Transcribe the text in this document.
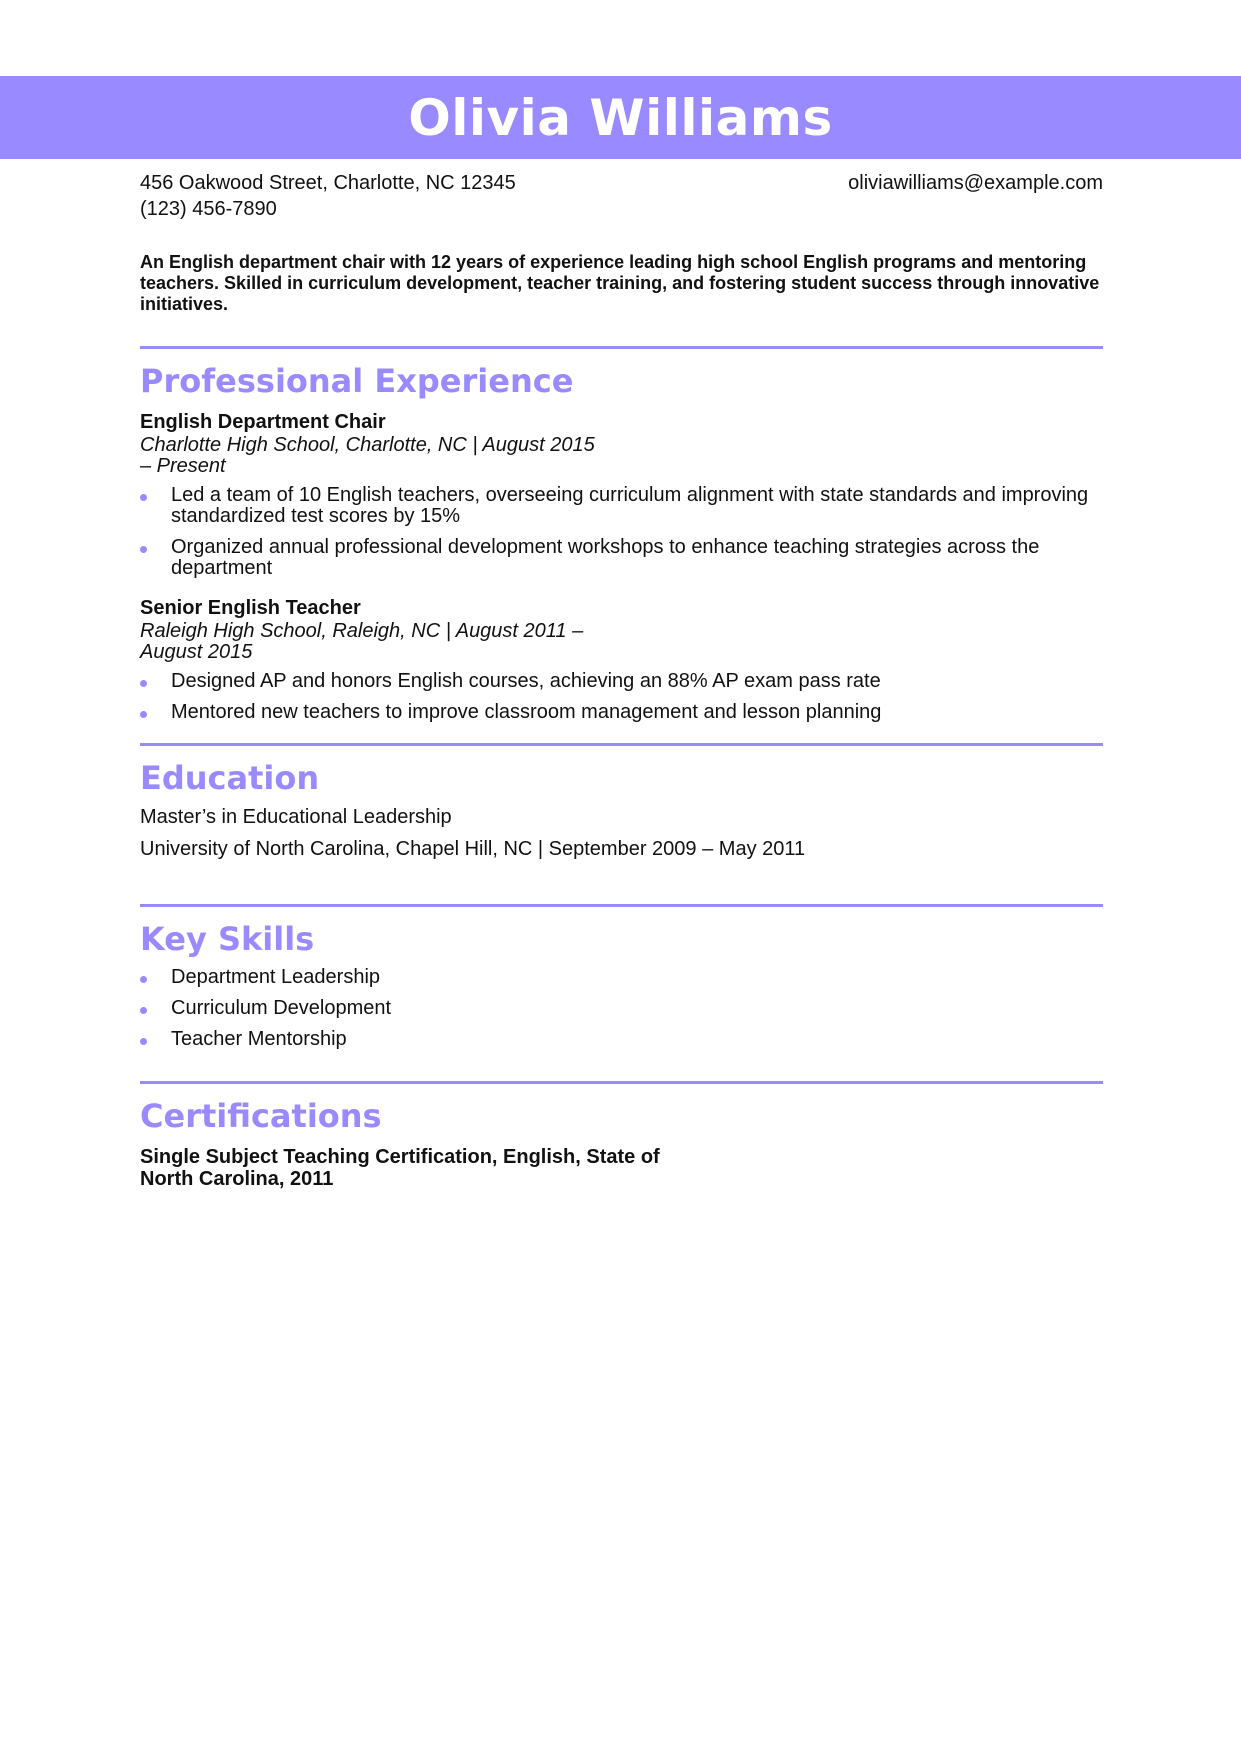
Olivia Williams
456 Oakwood Street, Charlotte, NC 12345
(123) 456-7890
oliviawilliams@example.com

An English department chair with 12 years of experience leading high school English programs and mentoring teachers. Skilled in curriculum development, teacher training, and fostering student success through innovative initiatives.

Professional Experience
English Department Chair
Charlotte High School, Charlotte, NC | August 2015 – Present
Led a team of 10 English teachers, overseeing curriculum alignment with state standards and improving standardized test scores by 15%
Organized annual professional development workshops to enhance teaching strategies across the department
Senior English Teacher
Raleigh High School, Raleigh, NC | August 2011 – August 2015
Designed AP and honors English courses, achieving an 88% AP exam pass rate
Mentored new teachers to improve classroom management and lesson planning
Education
Master’s in Educational Leadership
University of North Carolina, Chapel Hill, NC | September 2009 – May 2011
Key Skills
Department Leadership
Curriculum Development
Teacher Mentorship
Certifications
Single Subject Teaching Certification, English, State of North Carolina, 2011
